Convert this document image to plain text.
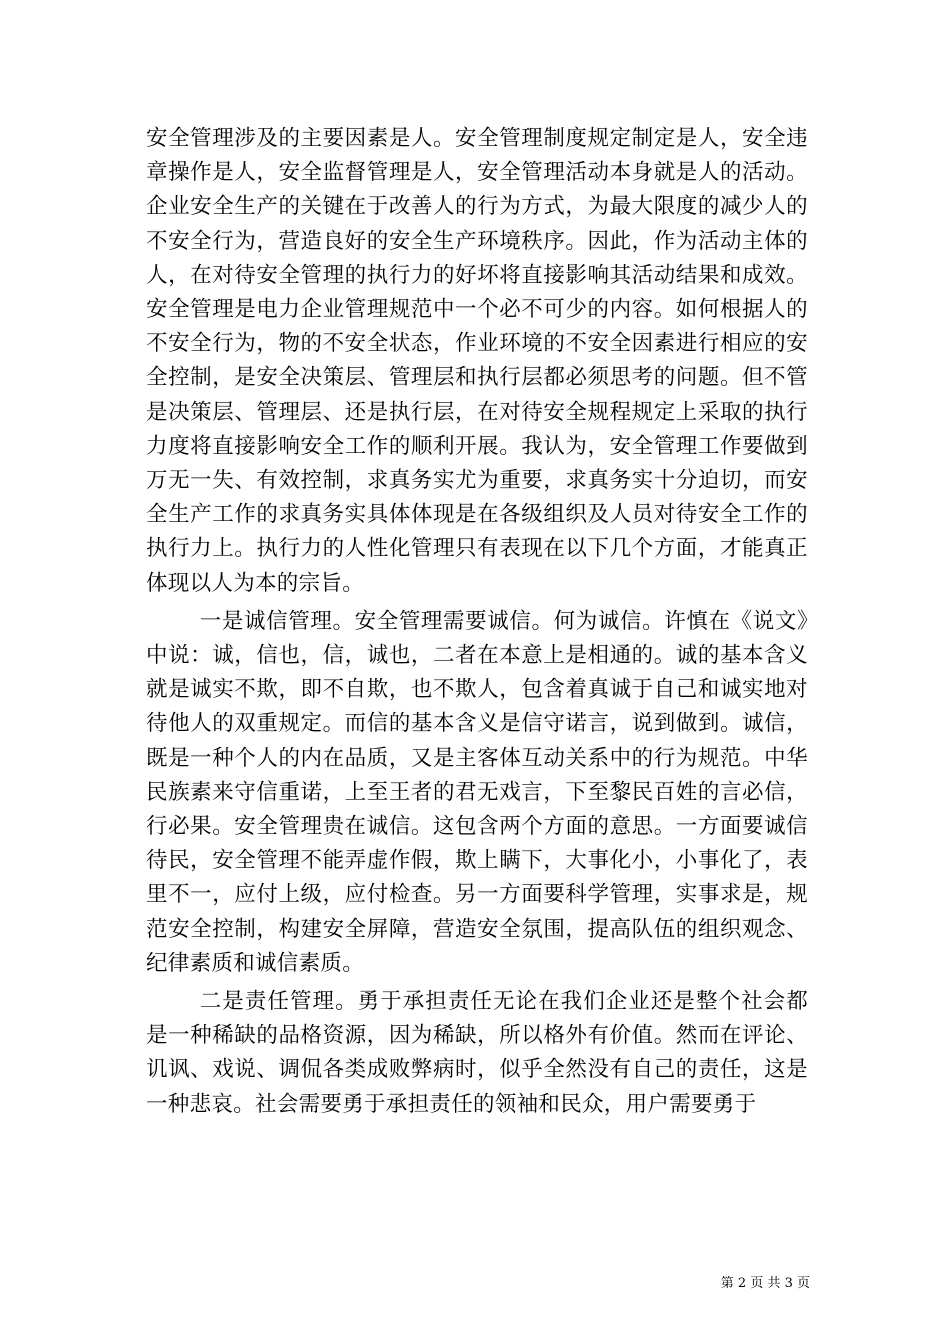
安全管理涉及的主要因素是人。安全管理制度规定制定是人，安全违章操作是人，安全监督管理是人，安全管理活动本身就是人的活动。企业安全生产的关键在于改善人的行为方式，为最大限度的减少人的不安全行为，营造良好的安全生产环境秩序。因此，作为活动主体的人，在对待安全管理的执行力的好坏将直接影响其活动结果和成效。安全管理是电力企业管理规范中一个必不可少的内容。如何根据人的不安全行为，物的不安全状态，作业环境的不安全因素进行相应的安全控制，是安全决策层、管理层和执行层都必须思考的问题。但不管是决策层、管理层、还是执行层，在对待安全规程规定上采取的执行力度将直接影响安全工作的顺利开展。我认为，安全管理工作要做到万无一失、有效控制，求真务实尤为重要，求真务实十分迫切，而安全生产工作的求真务实具体体现是在各级组织及人员对待安全工作的执行力上。执行力的人性化管理只有表现在以下几个方面，才能真正体现以人为本的宗旨。

一是诚信管理。安全管理需要诚信。何为诚信。许慎在《说文》中说：诚，信也，信，诚也，二者在本意上是相通的。诚的基本含义就是诚实不欺，即不自欺，也不欺人，包含着真诚于自己和诚实地对待他人的双重规定。而信的基本含义是信守诺言，说到做到。诚信，既是一种个人的内在品质，又是主客体互动关系中的行为规范。中华民族素来守信重诺，上至王者的君无戏言，下至黎民百姓的言必信，行必果。安全管理贵在诚信。这包含两个方面的意思。一方面要诚信待民，安全管理不能弄虚作假，欺上瞒下，大事化小，小事化了，表里不一，应付上级，应付检查。另一方面要科学管理，实事求是，规范安全控制，构建安全屏障，营造安全氛围，提高队伍的组织观念、纪律素质和诚信素质。

二是责任管理。勇于承担责任无论在我们企业还是整个社会都是一种稀缺的品格资源，因为稀缺，所以格外有价值。然而在评论、讥讽、戏说、调侃各类成败弊病时，似乎全然没有自己的责任，这是一种悲哀。社会需要勇于承担责任的领袖和民众，用户需要勇于

第 2 页 共 3 页
